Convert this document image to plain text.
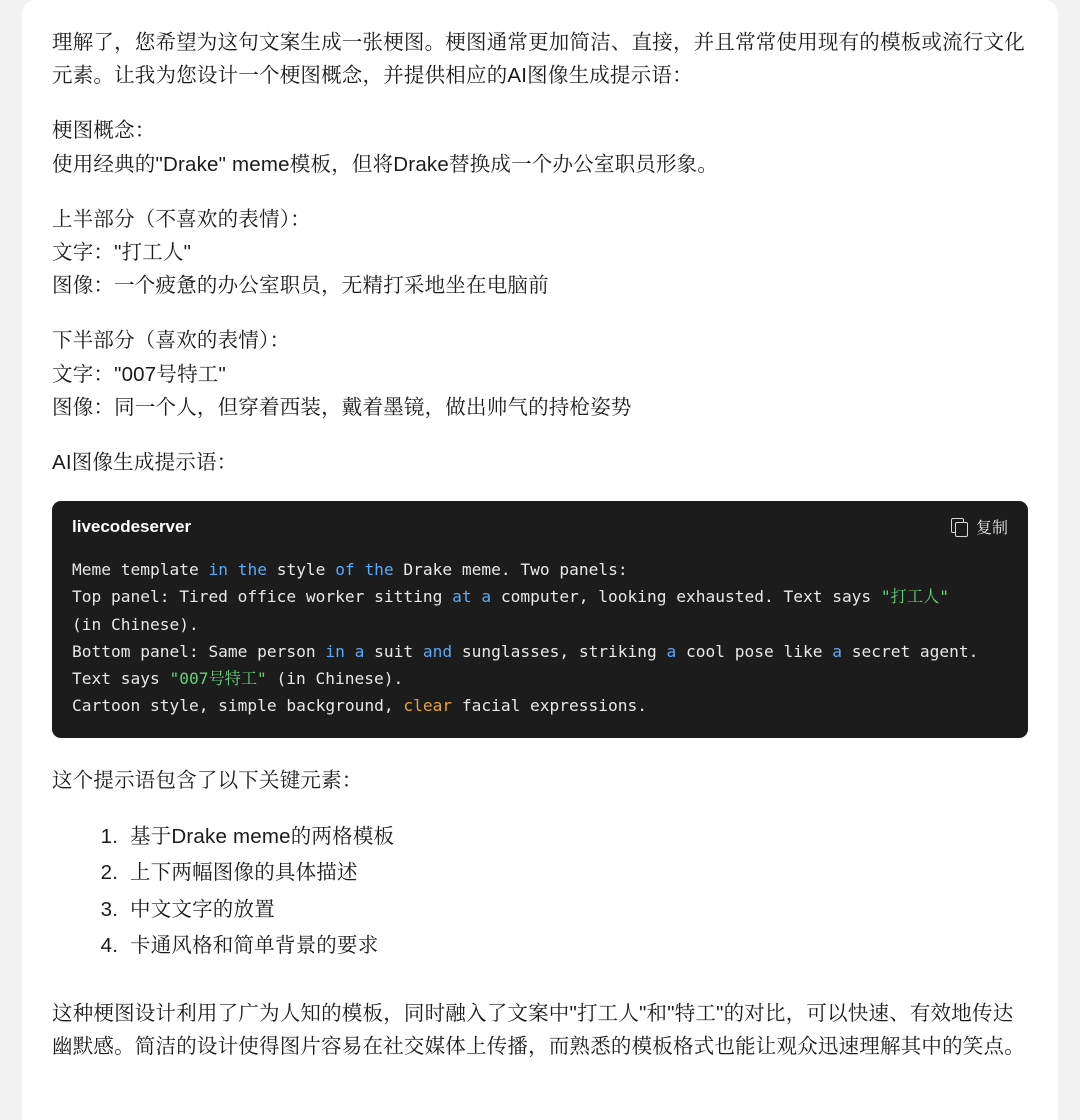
理解了，您希望为这句文案生成一张梗图。梗图通常更加简洁、直接，并且常常使用现有的模板或流行文化元素。让我为您设计一个梗图概念，并提供相应的AI图像生成提示语：

梗图概念：
使用经典的"Drake" meme模板，但将Drake替换成一个办公室职员形象。
上半部分（不喜欢的表情）：
文字："打工人"
图像：一个疲惫的办公室职员，无精打采地坐在电脑前
下半部分（喜欢的表情）：
文字："007号特工"
图像：同一个人，但穿着西装，戴着墨镜，做出帅气的持枪姿势

AI图像生成提示语：

livecodeserver	复制
Meme template in the style of the Drake meme. Two panels:
Top panel: Tired office worker sitting at a computer, looking exhausted. Text says "打工人"
(in Chinese).
Bottom panel: Same person in a suit and sunglasses, striking a cool pose like a secret agent.
Text says "007号特工" (in Chinese).
Cartoon style, simple background, clear facial expressions.

这个提示语包含了以下关键元素：

1. 基于Drake meme的两格模板
2. 上下两幅图像的具体描述
3. 中文文字的放置
4. 卡通风格和简单背景的要求

这种梗图设计利用了广为人知的模板，同时融入了文案中"打工人"和"特工"的对比，可以快速、有效地传达幽默感。简洁的设计使得图片容易在社交媒体上传播，而熟悉的模板格式也能让观众迅速理解其中的笑点。
